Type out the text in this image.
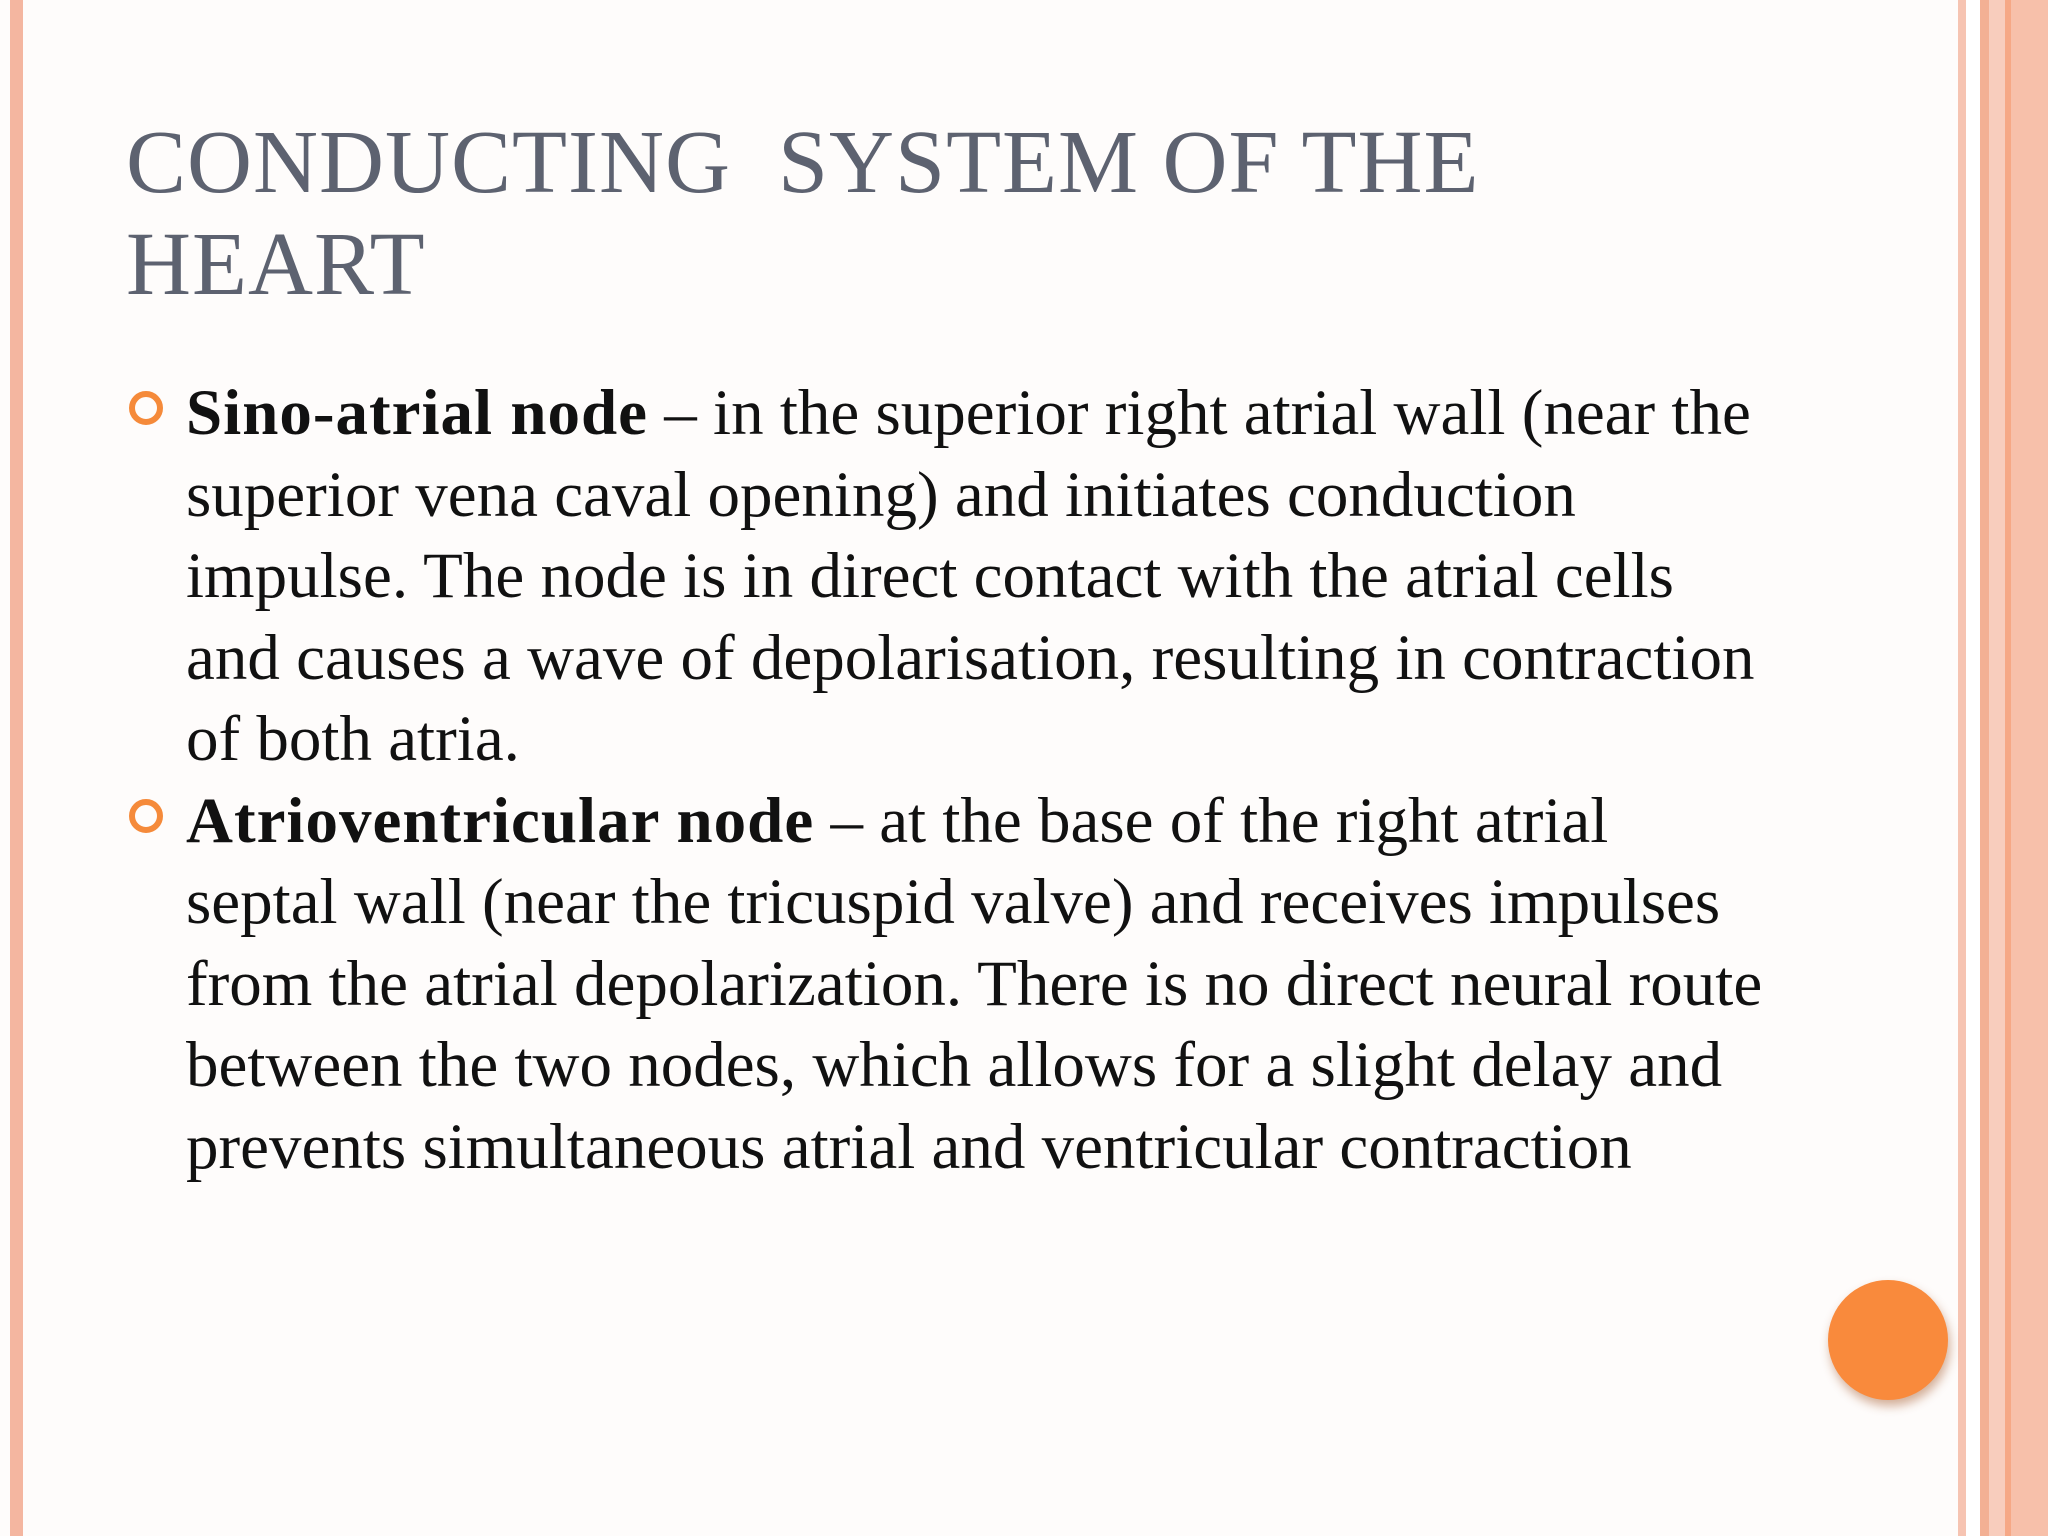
CONDUCTING  SYSTEM OF THE
HEART
Sino-atrial node – in the superior right atrial wall (near the superior vena caval opening) and initiates conduction impulse. The node is in direct contact with the atrial cells and causes a wave of depolarisation, resulting in contraction of both atria.
Atrioventricular node – at the base of the right atrial septal wall (near the tricuspid valve) and receives impulses from the atrial depolarization. There is no direct neural route between the two nodes, which allows for a slight delay and prevents simultaneous atrial and ventricular contraction
